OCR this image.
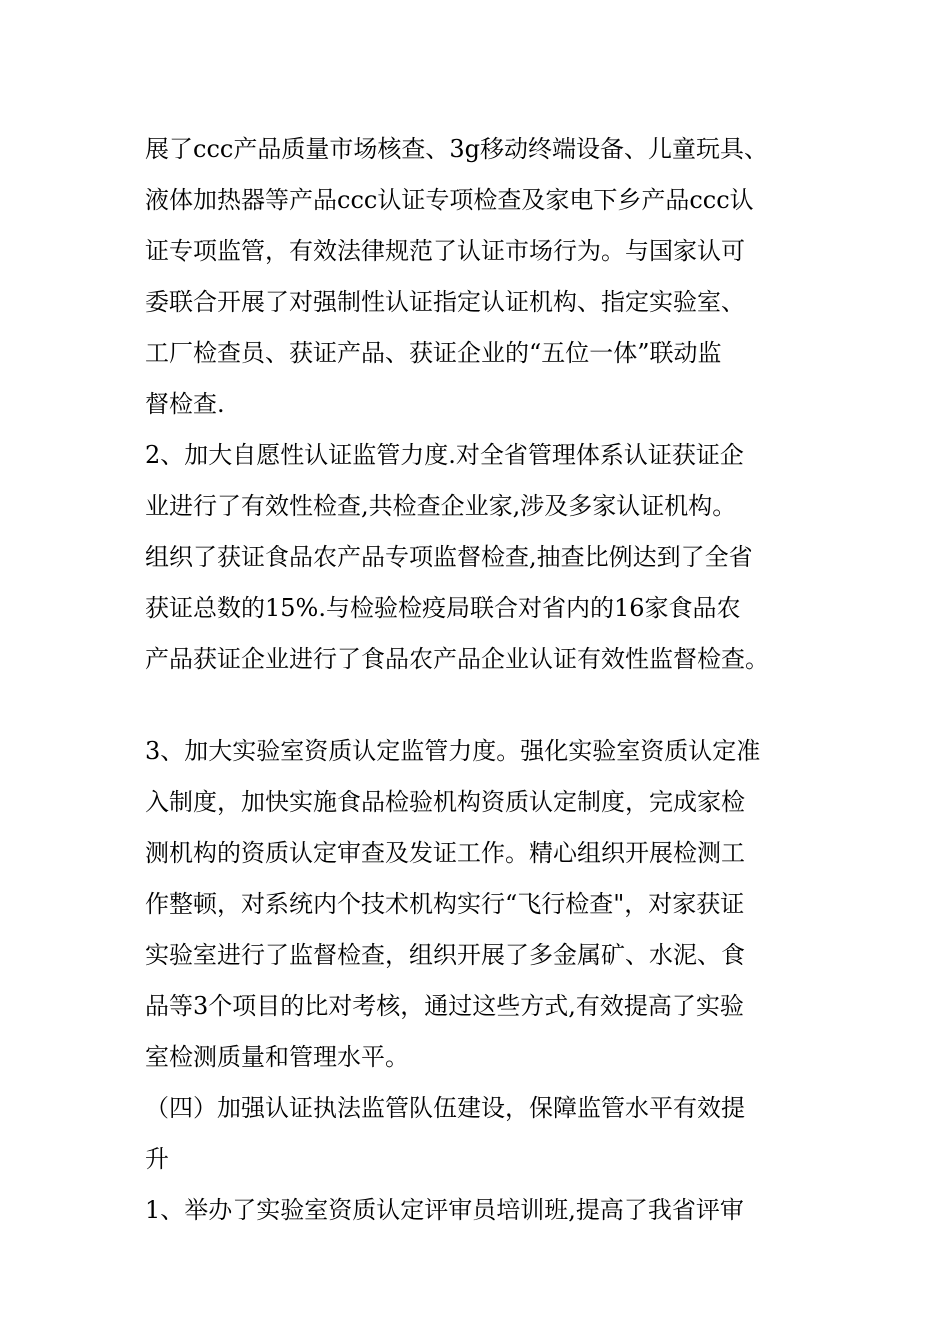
展了ccc产品质量市场核查、3g移动终端设备、儿童玩具、
液体加热器等产品ccc认证专项检查及家电下乡产品ccc认
证专项监管，有效法律规范了认证市场行为。与国家认可
委联合开展了对强制性认证指定认证机构、指定实验室、
工厂检查员、获证产品、获证企业的“五位一体”联动监
督检查.
2、加大自愿性认证监管力度.对全省管理体系认证获证企
业进行了有效性检查,共检查企业家,涉及多家认证机构。
组织了获证食品农产品专项监督检查,抽查比例达到了全省
获证总数的15%.与检验检疫局联合对省内的16家食品农
产品获证企业进行了食品农产品企业认证有效性监督检查。
3、加大实验室资质认定监管力度。强化实验室资质认定准
入制度，加快实施食品检验机构资质认定制度，完成家检
测机构的资质认定审查及发证工作。精心组织开展检测工
作整顿，对系统内个技术机构实行“飞行检查"，对家获证
实验室进行了监督检查，组织开展了多金属矿、水泥、食
品等3个项目的比对考核，通过这些方式,有效提高了实验
室检测质量和管理水平。
（四）加强认证执法监管队伍建设，保障监管水平有效提
升
1、举办了实验室资质认定评审员培训班,提高了我省评审
